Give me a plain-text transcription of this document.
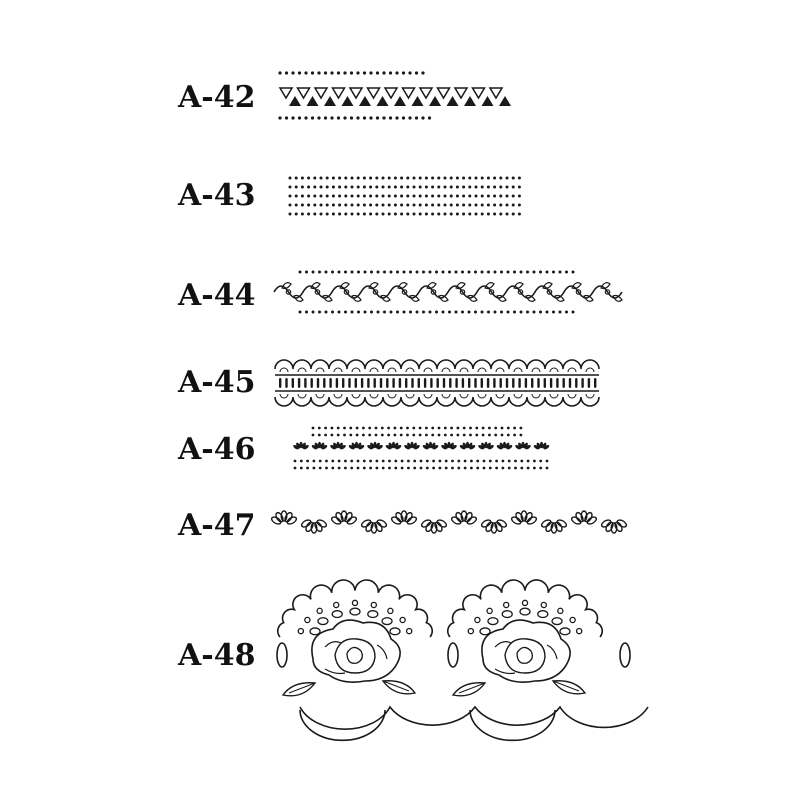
A-42
A-43
A-44
A-45
A-46
A-47
A-48
